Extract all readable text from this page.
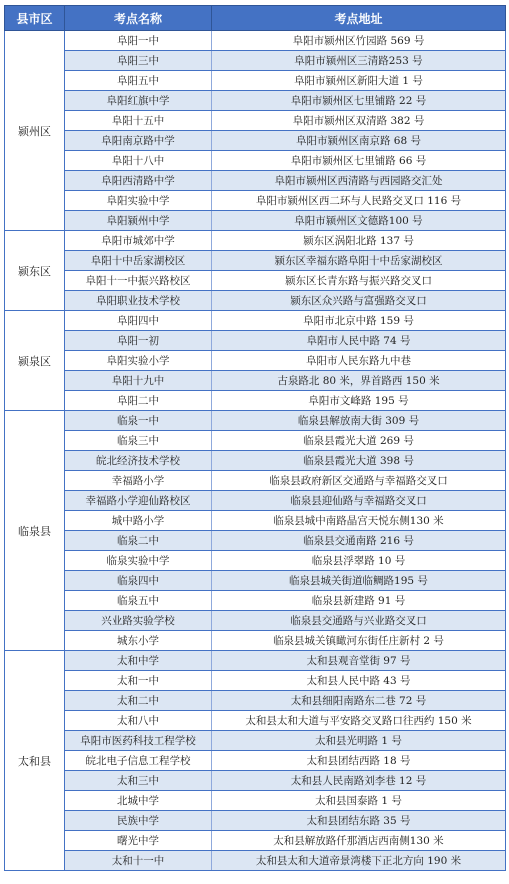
县市区	考点名称	考点地址
颍州区	阜阳一中	阜阳市颍州区竹园路 569 号
	阜阳三中	阜阳市颍州区三清路253 号
	阜阳五中	阜阳市颍州区新阳大道 1 号
	阜阳红旗中学	阜阳市颍州区七里铺路 22 号
	阜阳十五中	阜阳市颍州区双清路 382 号
	阜阳南京路中学	阜阳市颍州区南京路 68 号
	阜阳十八中	阜阳市颍州区七里铺路 66 号
	阜阳西清路中学	阜阳市颍州区西清路与西园路交汇处
	阜阳实验中学	阜阳市颍州区西二环与人民路交叉口 116 号
	阜阳颍州中学	阜阳市颍州区文德路100 号
颍东区	阜阳市城郊中学	颍东区涡阳北路 137 号
	阜阳十中岳家湖校区	颍东区幸福东路阜阳十中岳家湖校区
	阜阳十一中振兴路校区	颍东区长青东路与振兴路交叉口
	阜阳职业技术学校	颍东区众兴路与富强路交叉口
颍泉区	阜阳四中	阜阳市北京中路 159 号
	阜阳一初	阜阳市人民中路 74 号
	阜阳实验小学	阜阳市人民东路九中巷
	阜阳十九中	古泉路北 80 米，界首路西 150 米
	阜阳二中	阜阳市文峰路 195 号
临泉县	临泉一中	临泉县解放南大街 309 号
	临泉三中	临泉县霞光大道 269 号
	皖北经济技术学校	临泉县霞光大道 398 号
	幸福路小学	临泉县政府新区交通路与幸福路交叉口
	幸福路小学迎仙路校区	临泉县迎仙路与幸福路交叉口
	城中路小学	临泉县城中南路晶宫天悦东侧130 米
	临泉二中	临泉县交通南路 216 号
	临泉实验中学	临泉县浮翠路 10 号
	临泉四中	临泉县城关街道临鲷路195 号
	临泉五中	临泉县新建路 91 号
	兴业路实验学校	临泉县交通路与兴业路交叉口
	城东小学	临泉县城关镇瞰河东街任庄新村 2 号
太和县	太和中学	太和县观音堂街 97 号
	太和一中	太和县人民中路 43 号
	太和二中	太和县细阳南路东二巷 72 号
	太和八中	太和县太和大道与平安路交叉路口往西约 150 米
	阜阳市医药科技工程学校	太和县光明路 1 号
	皖北电子信息工程学校	太和县团结西路 18 号
	太和三中	太和县人民南路刘李巷 12 号
	北城中学	太和县国泰路 1 号
	民族中学	太和县团结东路 35 号
	曙光中学	太和县解放路仟那酒店西南侧130 米
	太和十一中	太和县太和大道帝景湾楼下正北方向 190 米
